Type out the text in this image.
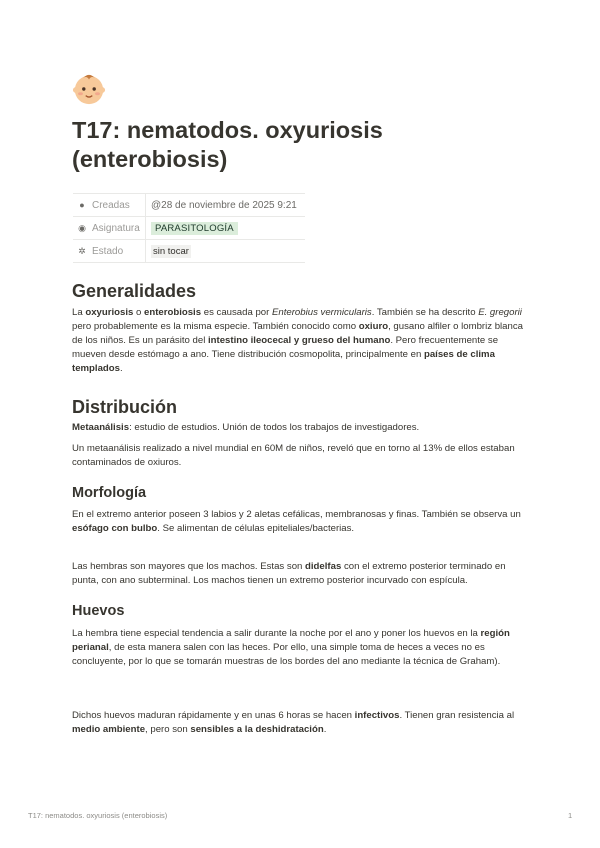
T17: nematodos. oxyuriosis (enterobiosis)
● Creadas	@28 de noviembre de 2025 9:21
◉ Asignatura	PARASITOLOGÍA
✲ Estado	sin tocar
Generalidades

La oxyuriosis o enterobiosis es causada por Enterobius vermicularis. También se ha descrito E. gregorii pero probablemente es la misma especie. También conocido como oxiuro, gusano alfiler o lombriz blanca de los niños. Es un parásito del intestino ileocecal y grueso del humano. Pero frecuentemente se mueven desde estómago a ano. Tiene distribución cosmopolita, principalmente en países de clima templados.

Distribución

Metaanálisis: estudio de estudios. Unión de todos los trabajos de investigadores.

Un metaanálisis realizado a nivel mundial en 60M de niños, reveló que en torno al 13% de ellos estaban contaminados de oxiuros.

Morfología

En el extremo anterior poseen 3 labios y 2 aletas cefálicas, membranosas y finas. También se observa un esófago con bulbo. Se alimentan de células epiteliales/bacterias.

Las hembras son mayores que los machos. Estas son didelfas con el extremo posterior terminado en punta, con ano subterminal. Los machos tienen un extremo posterior incurvado con espícula.

Huevos

La hembra tiene especial tendencia a salir durante la noche por el ano y poner los huevos en la región perianal, de esta manera salen con las heces. Por ello, una simple toma de heces a veces no es concluyente, por lo que se tomarán muestras de los bordes del ano mediante la técnica de Graham).

Dichos huevos maduran rápidamente y en unas 6 horas se hacen infectivos. Tienen gran resistencia al medio ambiente, pero son sensibles a la deshidratación.

T17: nematodos. oxyuriosis (enterobiosis)	1
